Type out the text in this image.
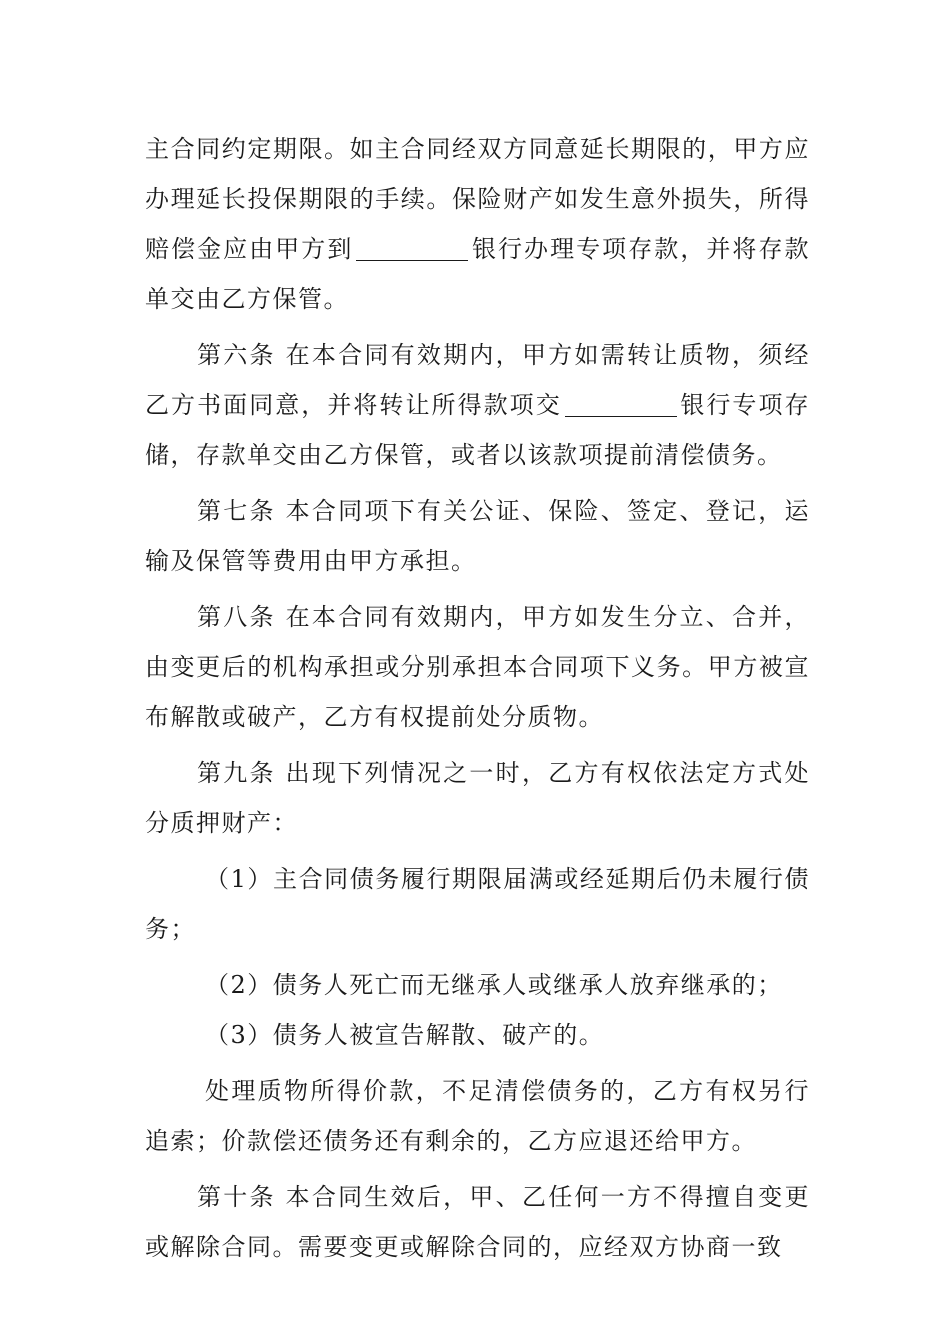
主合同约定期限。如主合同经双方同意延长期限的，甲方应办理延长投保期限的手续。保险财产如发生意外损失，所得赔偿金应由甲方到	银行办理专项存款，并将存款单交由乙方保管。

第六条 在本合同有效期内，甲方如需转让质物，须经乙方书面同意，并将转让所得款项交	银行专项存储，存款单交由乙方保管，或者以该款项提前清偿债务。

第七条 本合同项下有关公证、保险、签定、登记，运输及保管等费用由甲方承担。

第八条 在本合同有效期内，甲方如发生分立、合并，由变更后的机构承担或分别承担本合同项下义务。甲方被宣布解散或破产，乙方有权提前处分质物。

第九条 出现下列情况之一时，乙方有权依法定方式处分质押财产：

（1）主合同债务履行期限届满或经延期后仍未履行债务；

（2）债务人死亡而无继承人或继承人放弃继承的；

（3）债务人被宣告解散、破产的。

处理质物所得价款，不足清偿债务的，乙方有权另行追索；价款偿还债务还有剩余的，乙方应退还给甲方。

第十条 本合同生效后，甲、乙任何一方不得擅自变更或解除合同。需要变更或解除合同的，应经双方协商一致
